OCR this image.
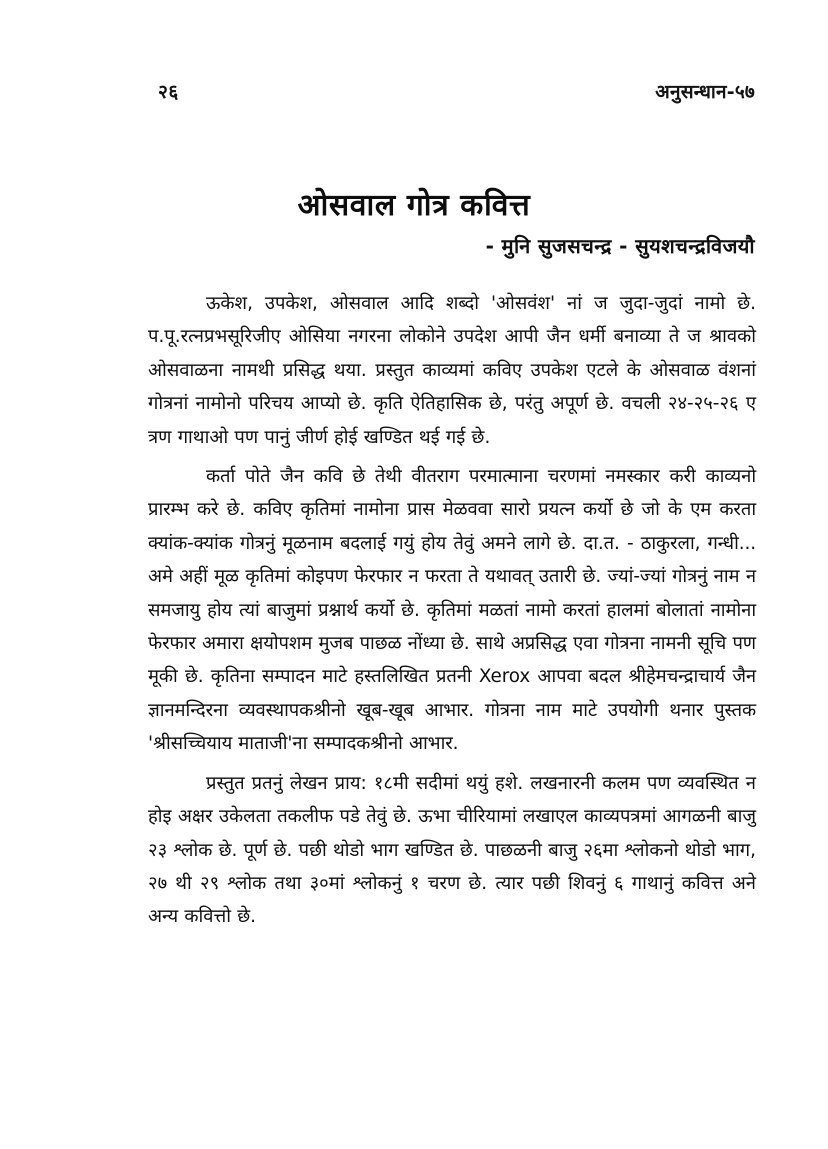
२६	अनुसन्धान-५७
ओसवाल गोत्र कवित्त
- मुनि सुजसचन्द्र - सुयशचन्द्रविजयौ

ऊकेश, उपकेश, ओसवाल आदि शब्दो 'ओसवंश' नां ज जुदा-जुदां नामो छे. प.पू.रत्नप्रभसूरिजीए ओसिया नगरना लोकोने उपदेश आपी जैन धर्मी बनाव्या ते ज श्रावको ओसवाळना नामथी प्रसिद्ध थया. प्रस्तुत काव्यमां कविए उपकेश एटले के ओसवाळ वंशनां गोत्रनां नामोनो परिचय आप्यो छे. कृति ऐतिहासिक छे, परंतु अपूर्ण छे. वचली २४-२५-२६ ए त्रण गाथाओ पण पानुं जीर्ण होई खण्डित थई गई छे.

कर्ता पोते जैन कवि छे तेथी वीतराग परमात्माना चरणमां नमस्कार करी काव्यनो प्रारम्भ करे छे. कविए कृतिमां नामोना प्रास मेळववा सारो प्रयत्न कर्यो छे जो के एम करता क्यांक-क्यांक गोत्रनुं मूळनाम बदलाई गयुं होय तेवुं अमने लागे छे. दा.त. - ठाकुरला, गन्धी... अमे अहीं मूळ कृतिमां कोइपण फेरफार न फरता ते यथावत् उतारी छे. ज्यां-ज्यां गोत्रनुं नाम न समजायु होय त्यां बाजुमां प्रश्नार्थ कर्यो छे. कृतिमां मळतां नामो करतां हालमां बोलातां नामोना फेरफार अमारा क्षयोपशम मुजब पाछळ नोंध्या छे. साथे अप्रसिद्ध एवा गोत्रना नामनी सूचि पण मूकी छे. कृतिना सम्पादन माटे हस्तलिखित प्रतनी Xerox आपवा बदल श्रीहेमचन्द्राचार्य जैन ज्ञानमन्दिरना व्यवस्थापकश्रीनो खूब-खूब आभार. गोत्रना नाम माटे उपयोगी थनार पुस्तक 'श्रीसच्चियाय माताजी'ना सम्पादकश्रीनो आभार.

प्रस्तुत प्रतनुं लेखन प्राय: १८मी सदीमां थयुं हशे. लखनारनी कलम पण व्यवस्थित न होइ अक्षर उकेलता तकलीफ पडे तेवुं छे. ऊभा चीरियामां लखाएल काव्यपत्रमां आगळनी बाजु २३ श्लोक छे. पूर्ण छे. पछी थोडो भाग खण्डित छे. पाछळनी बाजु २६मा श्लोकनो थोडो भाग, २७ थी २९ श्लोक तथा ३०मां श्लोकनुं १ चरण छे. त्यार पछी शिवनुं ६ गाथानुं कवित्त अने अन्य कवित्तो छे.
